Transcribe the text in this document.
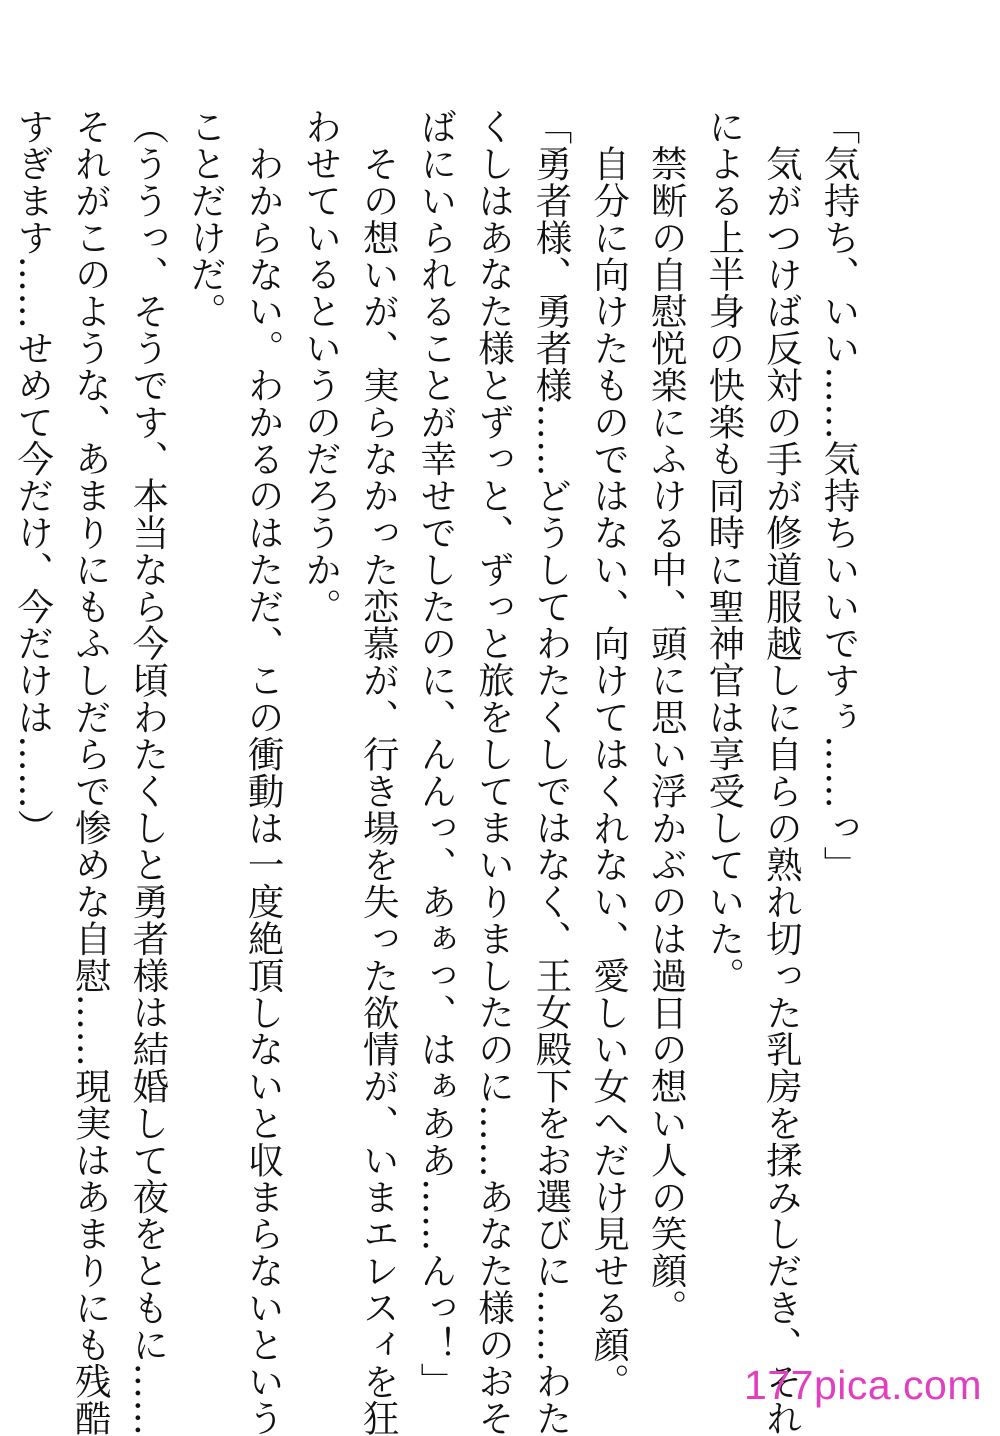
「気持ち、いい……気持ちいいですぅ……っ」
気がつけば反対の手が修道服越しに自らの熟れ切った乳房を揉みしだき、それ
による上半身の快楽も同時に聖神官は享受していた。
禁断の自慰悦楽にふける中、頭に思い浮かぶのは過日の想い人の笑顔。
自分に向けたものではない、向けてはくれない、愛しい女へだけ見せる顔。
「勇者様、勇者様……どうしてわたくしではなく、王女殿下をお選びに……わた
くしはあなた様とずっと、ずっと旅をしてまいりましたのに……あなた様のおそ
ばにいられることが幸せでしたのに、んんっ、あぁっ、はぁああ……んっ！」
その想いが、実らなかった恋慕が、行き場を失った欲情が、いまエレスィを狂
わせているというのだろうか。
わからない。わかるのはただ、この衝動は一度絶頂しないと収まらないという
ことだけだ。
（ううっ、そうです、本当なら今頃わたくしと勇者様は結婚して夜をともに……
それがこのような、あまりにもふしだらで惨めな自慰……現実はあまりにも残酷
すぎます……せめて今だけ、今だけは……）
177pica.com
